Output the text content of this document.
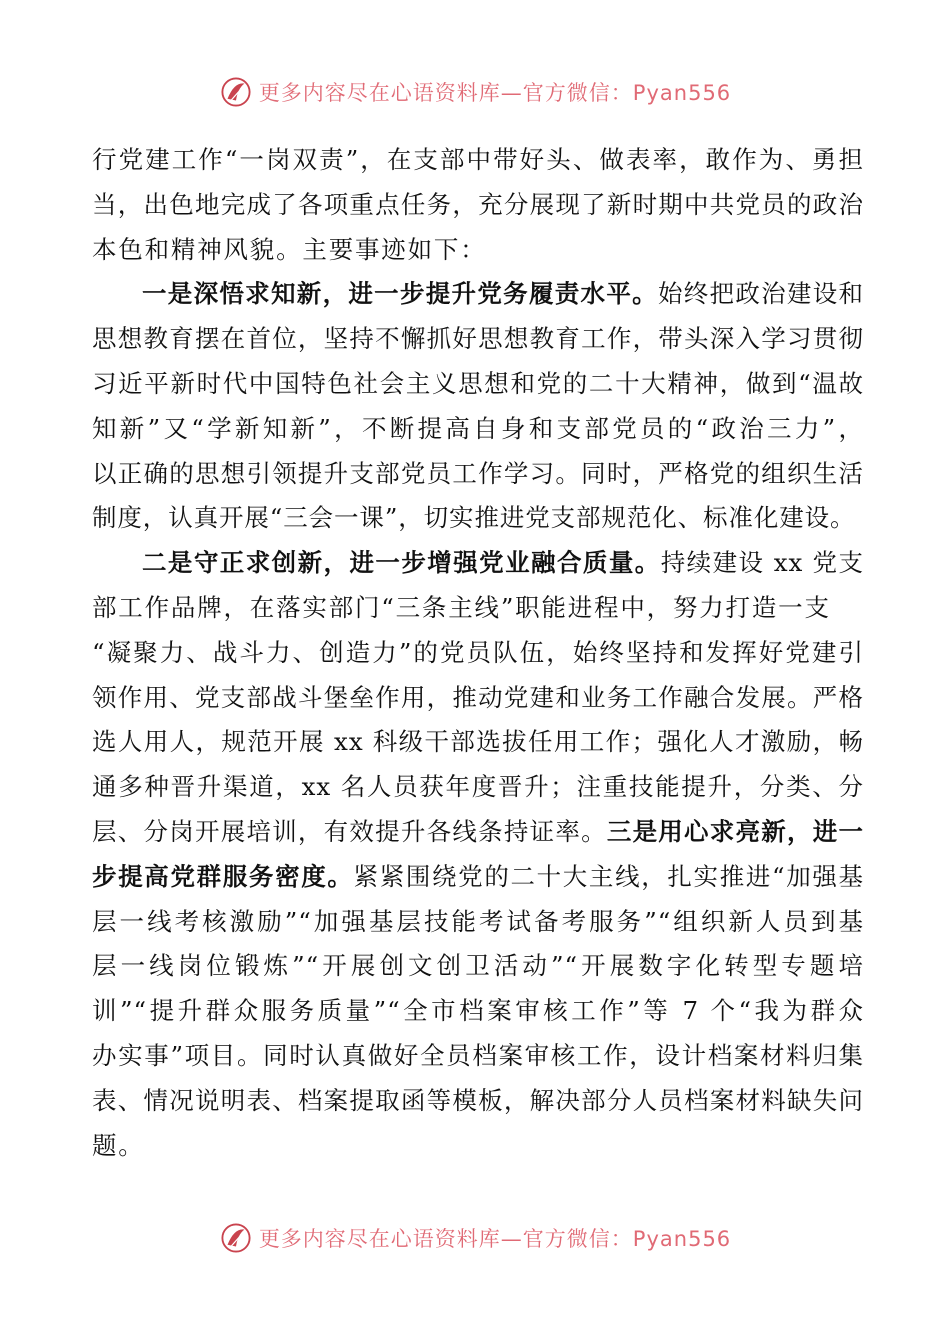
更多内容尽在心语资料库—官方微信：Pyan556
行党建工作“一岗双责”，在支部中带好头、做表率，敢作为、勇担
当，出色地完成了各项重点任务，充分展现了新时期中共党员的政治
本色和精神风貌。主要事迹如下：
一是深悟求知新，进一步提升党务履责水平。始终把政治建设和
思想教育摆在首位，坚持不懈抓好思想教育工作，带头深入学习贯彻
习近平新时代中国特色社会主义思想和党的二十大精神，做到“温故
知新”又“学新知新”，不断提高自身和支部党员的“政治三力”，
以正确的思想引领提升支部党员工作学习。同时，严格党的组织生活
制度，认真开展“三会一课”，切实推进党支部规范化、标准化建设。
二是守正求创新，进一步增强党业融合质量。持续建设 xx 党支
部工作品牌，在落实部门“三条主线”职能进程中，努力打造一支
“凝聚力、战斗力、创造力”的党员队伍，始终坚持和发挥好党建引
领作用、党支部战斗堡垒作用，推动党建和业务工作融合发展。严格
选人用人，规范开展 xx 科级干部选拔任用工作；强化人才激励，畅
通多种晋升渠道，xx 名人员获年度晋升；注重技能提升，分类、分
层、分岗开展培训，有效提升各线条持证率。三是用心求亮新，进一
步提高党群服务密度。紧紧围绕党的二十大主线，扎实推进“加强基
层一线考核激励”“加强基层技能考试备考服务”“组织新人员到基
层一线岗位锻炼”“开展创文创卫活动”“开展数字化转型专题培
训”“提升群众服务质量”“全市档案审核工作”等 7 个“我为群众
办实事”项目。同时认真做好全员档案审核工作，设计档案材料归集
表、情况说明表、档案提取函等模板，解决部分人员档案材料缺失问
题。
更多内容尽在心语资料库—官方微信：Pyan556
